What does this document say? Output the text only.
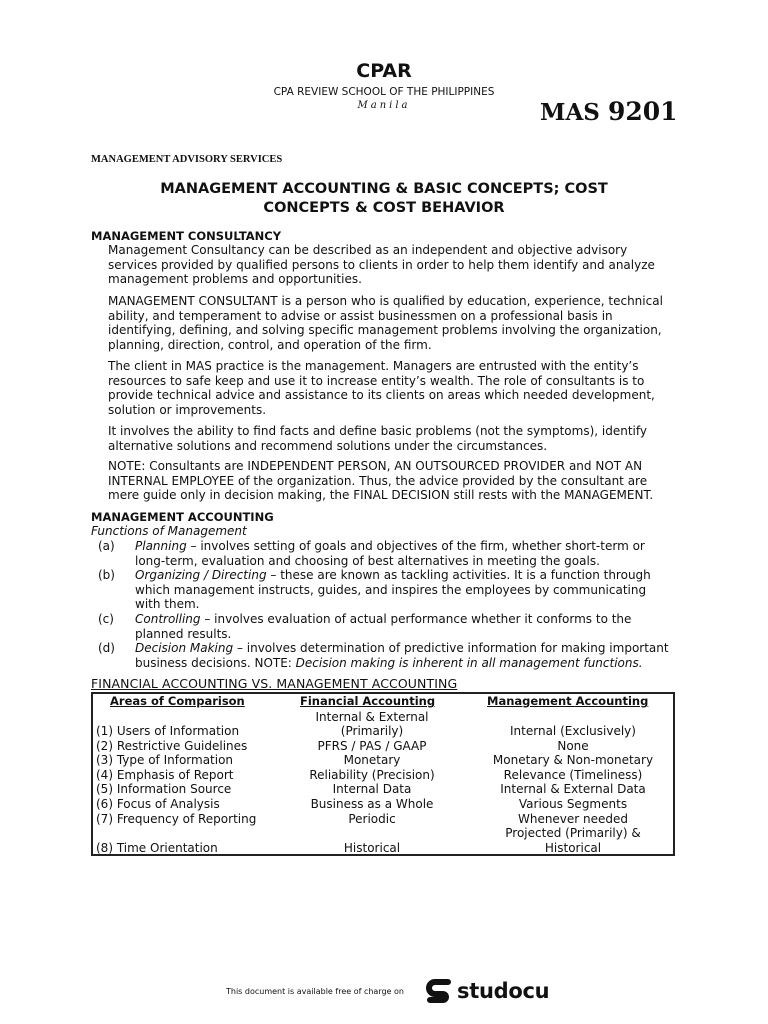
CPAR
CPA REVIEW SCHOOL OF THE PHILIPPINES
Manila	MAS 9201
MANAGEMENT ADVISORY SERVICES
MANAGEMENT ACCOUNTING & BASIC CONCEPTS; COST
CONCEPTS & COST BEHAVIOR
MANAGEMENT CONSULTANCY
Management Consultancy can be described as an independent and objective advisory
services provided by qualified persons to clients in order to help them identify and analyze
management problems and opportunities.
MANAGEMENT CONSULTANT is a person who is qualified by education, experience, technical
ability, and temperament to advise or assist businessmen on a professional basis in
identifying, defining, and solving specific management problems involving the organization,
planning, direction, control, and operation of the firm.
The client in MAS practice is the management. Managers are entrusted with the entity’s
resources to safe keep and use it to increase entity’s wealth. The role of consultants is to
provide technical advice and assistance to its clients on areas which needed development,
solution or improvements.
It involves the ability to find facts and define basic problems (not the symptoms), identify
alternative solutions and recommend solutions under the circumstances.
NOTE: Consultants are INDEPENDENT PERSON, AN OUTSOURCED PROVIDER and NOT AN
INTERNAL EMPLOYEE of the organization. Thus, the advice provided by the consultant are
mere guide only in decision making, the FINAL DECISION still rests with the MANAGEMENT.
MANAGEMENT ACCOUNTING
Functions of Management
(a) Planning – involves setting of goals and objectives of the firm, whether short-term or
long-term, evaluation and choosing of best alternatives in meeting the goals.
(b) Organizing / Directing – these are known as tackling activities. It is a function through
which management instructs, guides, and inspires the employees by communicating
with them.
(c) Controlling – involves evaluation of actual performance whether it conforms to the
planned results.
(d) Decision Making – involves determination of predictive information for making important
business decisions. NOTE: Decision making is inherent in all management functions.
FINANCIAL ACCOUNTING VS. MANAGEMENT ACCOUNTING
Areas of Comparison	Financial Accounting	Management Accounting
Internal & External
(1) Users of Information	(Primarily)	Internal (Exclusively)
(2) Restrictive Guidelines	PFRS / PAS / GAAP	None
(3) Type of Information	Monetary	Monetary & Non-monetary
(4) Emphasis of Report	Reliability (Precision)	Relevance (Timeliness)
(5) Information Source	Internal Data	Internal & External Data
(6) Focus of Analysis	Business as a Whole	Various Segments
(7) Frequency of Reporting	Periodic	Whenever needed
Projected (Primarily) &
(8) Time Orientation	Historical	Historical
This document is available free of charge on	studocu
